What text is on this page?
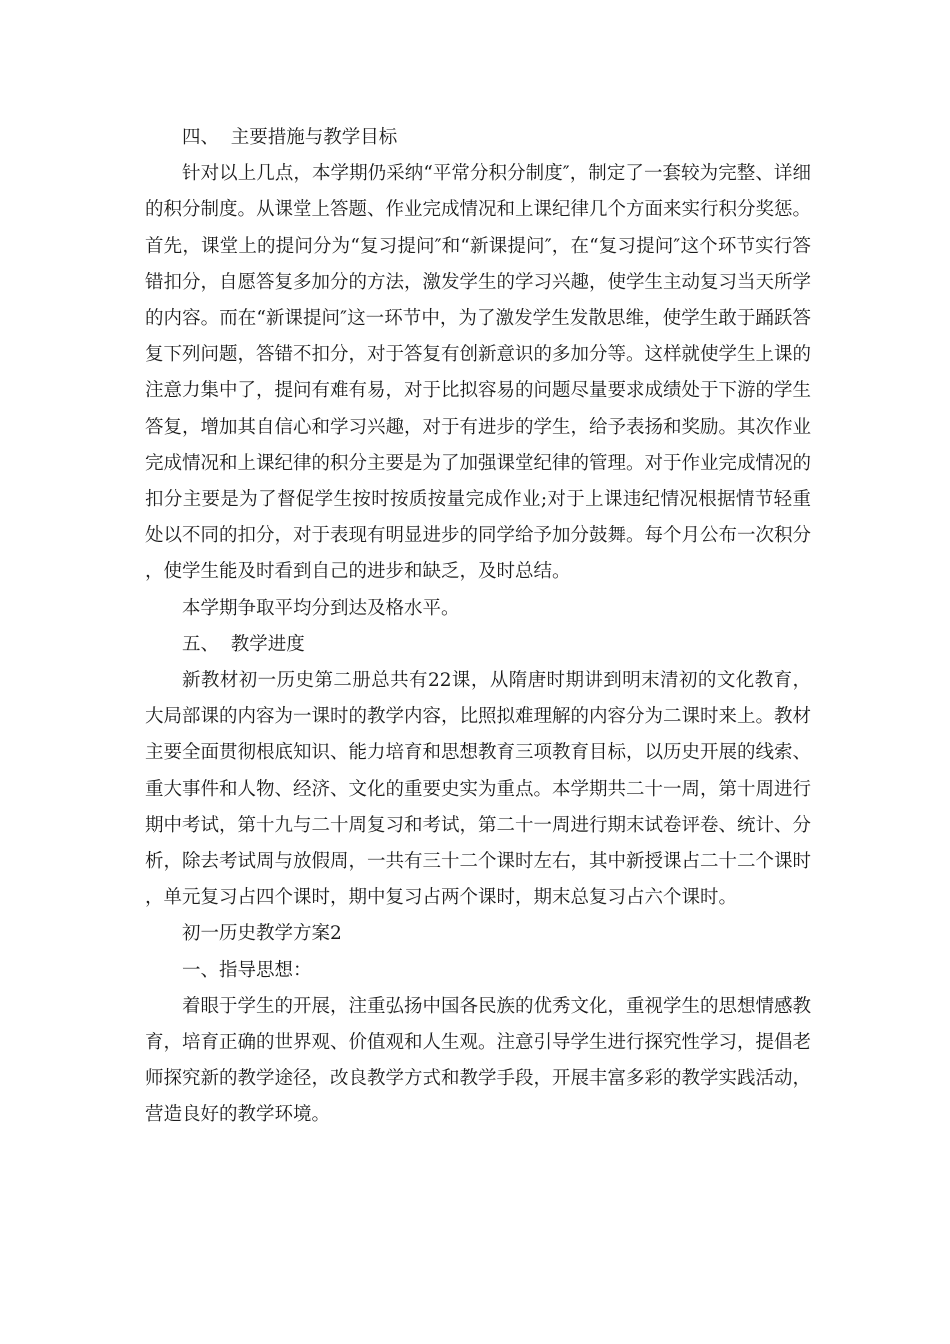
四、  主要措施与教学目标

针对以上几点，本学期仍采纳“平常分积分制度″，制定了一套较为完整、详细的积分制度。从课堂上答题、作业完成情况和上课纪律几个方面来实行积分奖惩。首先，课堂上的提问分为“复习提问″和“新课提问″，在“复习提问″这个环节实行答错扣分，自愿答复多加分的方法，激发学生的学习兴趣，使学生主动复习当天所学的内容。而在“新课提问″这一环节中，为了激发学生发散思维，使学生敢于踊跃答复下列问题，答错不扣分，对于答复有创新意识的多加分等。这样就使学生上课的注意力集中了，提问有难有易，对于比拟容易的问题尽量要求成绩处于下游的学生答复，增加其自信心和学习兴趣，对于有进步的学生，给予表扬和奖励。其次作业完成情况和上课纪律的积分主要是为了加强课堂纪律的管理。对于作业完成情况的扣分主要是为了督促学生按时按质按量完成作业;对于上课违纪情况根据情节轻重处以不同的扣分，对于表现有明显进步的同学给予加分鼓舞。每个月公布一次积分，使学生能及时看到自己的进步和缺乏，及时总结。

本学期争取平均分到达及格水平。

五、  教学进度

新教材初一历史第二册总共有22课，从隋唐时期讲到明末清初的文化教育，大局部课的内容为一课时的教学内容，比照拟难理解的内容分为二课时来上。教材主要全面贯彻根底知识、能力培育和思想教育三项教育目标，以历史开展的线索、重大事件和人物、经济、文化的重要史实为重点。本学期共二十一周，第十周进行期中考试，第十九与二十周复习和考试，第二十一周进行期末试卷评卷、统计、分析，除去考试周与放假周，一共有三十二个课时左右，其中新授课占二十二个课时，单元复习占四个课时，期中复习占两个课时，期末总复习占六个课时。

初一历史教学方案2

一、指导思想：

着眼于学生的开展，注重弘扬中国各民族的优秀文化，重视学生的思想情感教育，培育正确的世界观、价值观和人生观。注意引导学生进行探究性学习，提倡老师探究新的教学途径，改良教学方式和教学手段，开展丰富多彩的教学实践活动，营造良好的教学环境。
